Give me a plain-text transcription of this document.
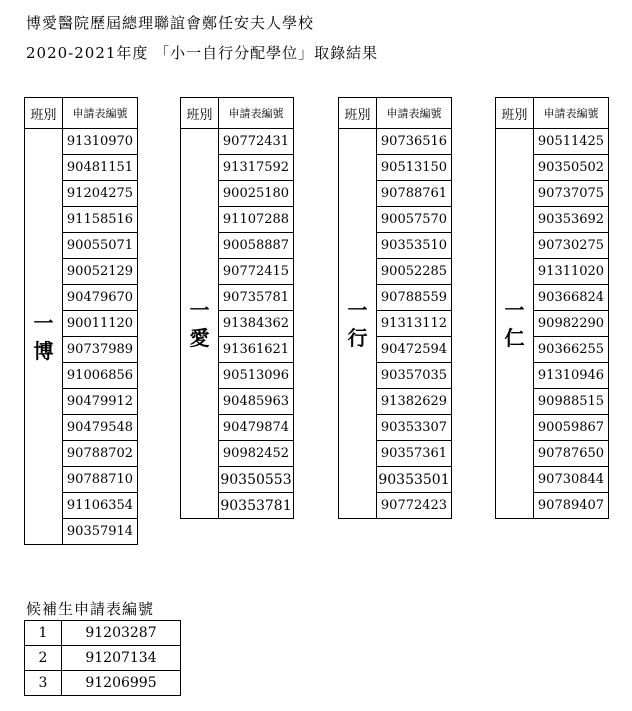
博愛醫院歷屆總理聯誼會鄭任安夫人學校
2020-2021年度 「小一自行分配學位」取錄結果
班別	申請表編號
一
博	91310970
	90481151
	91204275
	91158516
	90055071
	90052129
	90479670
	90011120
	90737989
	91006856
	90479912
	90479548
	90788702
	90788710
	91106354
	90357914
班別	申請表編號
一
愛	90772431
	91317592
	90025180
	91107288
	90058887
	90772415
	90735781
	91384362
	91361621
	90513096
	90485963
	90479874
	90982452
	90350553
	90353781
班別	申請表編號
一
行	90736516
	90513150
	90788761
	90057570
	90353510
	90052285
	90788559
	91313112
	90472594
	90357035
	91382629
	90353307
	90357361
	90353501
	90772423
班別	申請表編號
一
仁	90511425
	90350502
	90737075
	90353692
	90730275
	91311020
	90366824
	90982290
	90366255
	91310946
	90988515
	90059867
	90787650
	90730844
	90789407
候補生申請表編號
1	91203287
2	91207134
3	91206995
